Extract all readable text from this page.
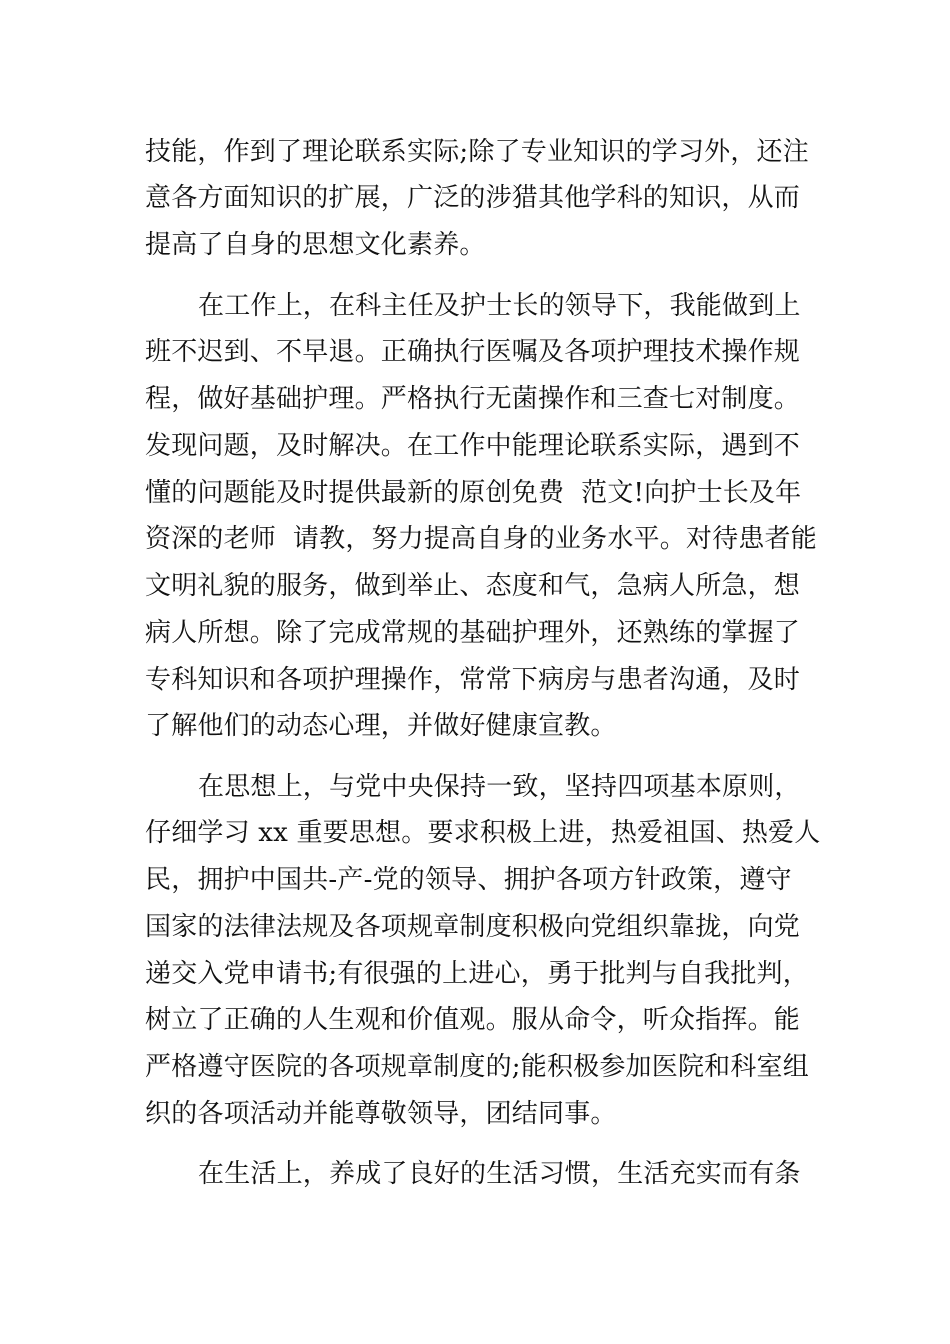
技能，作到了理论联系实际;除了专业知识的学习外，还注
意各方面知识的扩展，广泛的涉猎其他学科的知识，从而
提高了自身的思想文化素养。
在工作上，在科主任及护士长的领导下，我能做到上
班不迟到、不早退。正确执行医嘱及各项护理技术操作规
程，做好基础护理。严格执行无菌操作和三查七对制度。
发现问题，及时解决。在工作中能理论联系实际，遇到不
懂的问题能及时提供最新的原创免费  范文!向护士长及年
资深的老师  请教，努力提高自身的业务水平。对待患者能
文明礼貌的服务，做到举止、态度和气，急病人所急，想
病人所想。除了完成常规的基础护理外，还熟练的掌握了
专科知识和各项护理操作，常常下病房与患者沟通，及时
了解他们的动态心理，并做好健康宣教。
在思想上，与党中央保持一致，坚持四项基本原则，
仔细学习 xx 重要思想。要求积极上进，热爱祖国、热爱人
民，拥护中国共-产-党的领导、拥护各项方针政策，遵守
国家的法律法规及各项规章制度积极向党组织靠拢，向党
递交入党申请书;有很强的上进心，勇于批判与自我批判，
树立了正确的人生观和价值观。服从命令，听众指挥。能
严格遵守医院的各项规章制度的;能积极参加医院和科室组
织的各项活动并能尊敬领导，团结同事。
在生活上，养成了良好的生活习惯，生活充实而有条
